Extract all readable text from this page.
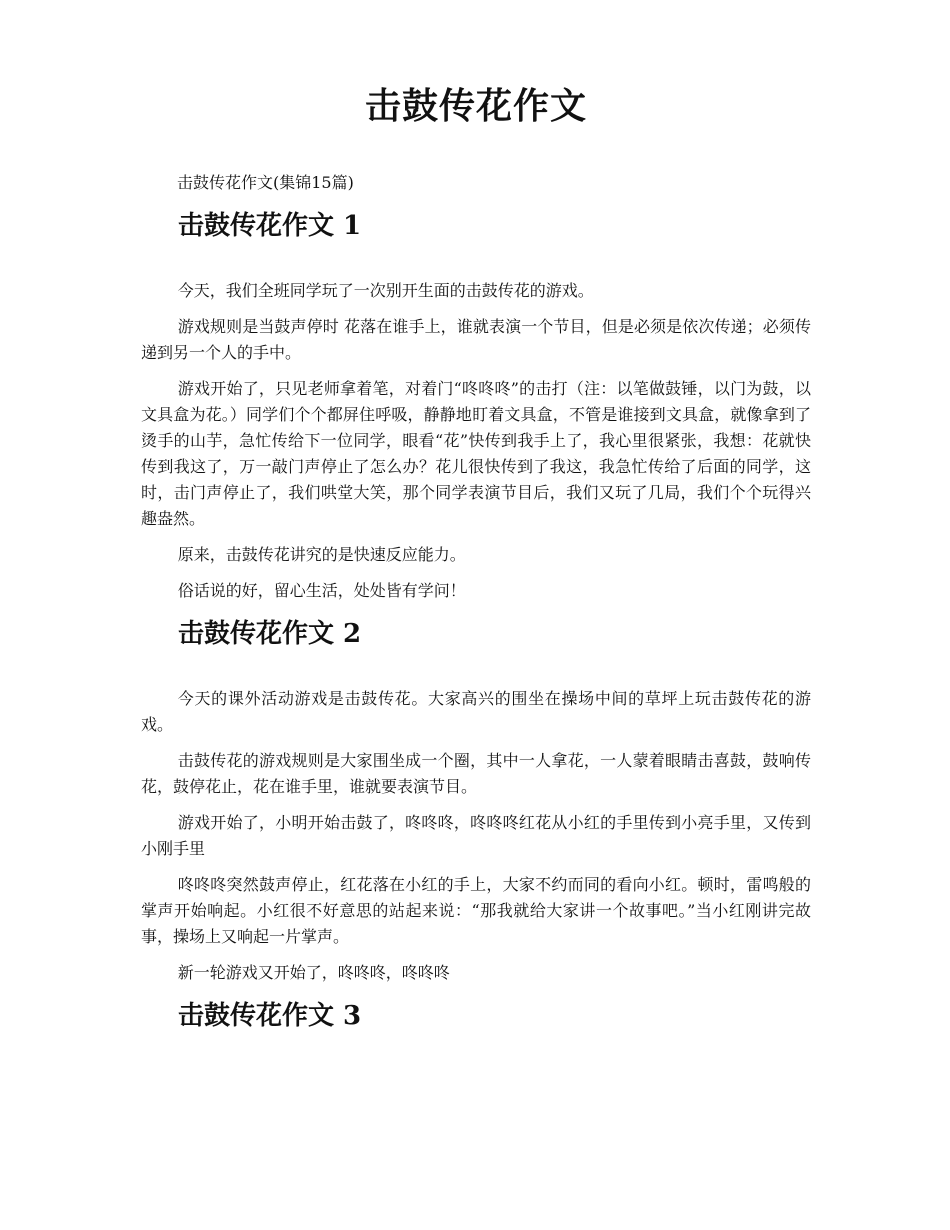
击鼓传花作文

击鼓传花作文(集锦15篇)

击鼓传花作文 1

今天，我们全班同学玩了一次别开生面的击鼓传花的游戏。

游戏规则是当鼓声停时 花落在谁手上，谁就表演一个节目，但是必须是依次传递；必须传递到另一个人的手中。

游戏开始了，只见老师拿着笔，对着门“咚咚咚”的击打（注：以笔做鼓锤，以门为鼓，以文具盒为花。）同学们个个都屏住呼吸，静静地盯着文具盒，不管是谁接到文具盒，就像拿到了烫手的山芋，急忙传给下一位同学，眼看“花”快传到我手上了，我心里很紧张，我想：花就快传到我这了，万一敲门声停止了怎么办？花儿很快传到了我这，我急忙传给了后面的同学，这时，击门声停止了，我们哄堂大笑，那个同学表演节目后，我们又玩了几局，我们个个玩得兴趣盎然。

原来，击鼓传花讲究的是快速反应能力。

俗话说的好，留心生活，处处皆有学问！

击鼓传花作文 2

今天的课外活动游戏是击鼓传花。大家高兴的围坐在操场中间的草坪上玩击鼓传花的游戏。

击鼓传花的游戏规则是大家围坐成一个圈，其中一人拿花，一人蒙着眼睛击喜鼓，鼓响传花，鼓停花止，花在谁手里，谁就要表演节目。

游戏开始了，小明开始击鼓了，咚咚咚，咚咚咚红花从小红的手里传到小亮手里，又传到小刚手里

咚咚咚突然鼓声停止，红花落在小红的手上，大家不约而同的看向小红。顿时，雷鸣般的掌声开始响起。小红很不好意思的站起来说：“那我就给大家讲一个故事吧。”当小红刚讲完故事，操场上又响起一片掌声。

新一轮游戏又开始了，咚咚咚，咚咚咚

击鼓传花作文 3
